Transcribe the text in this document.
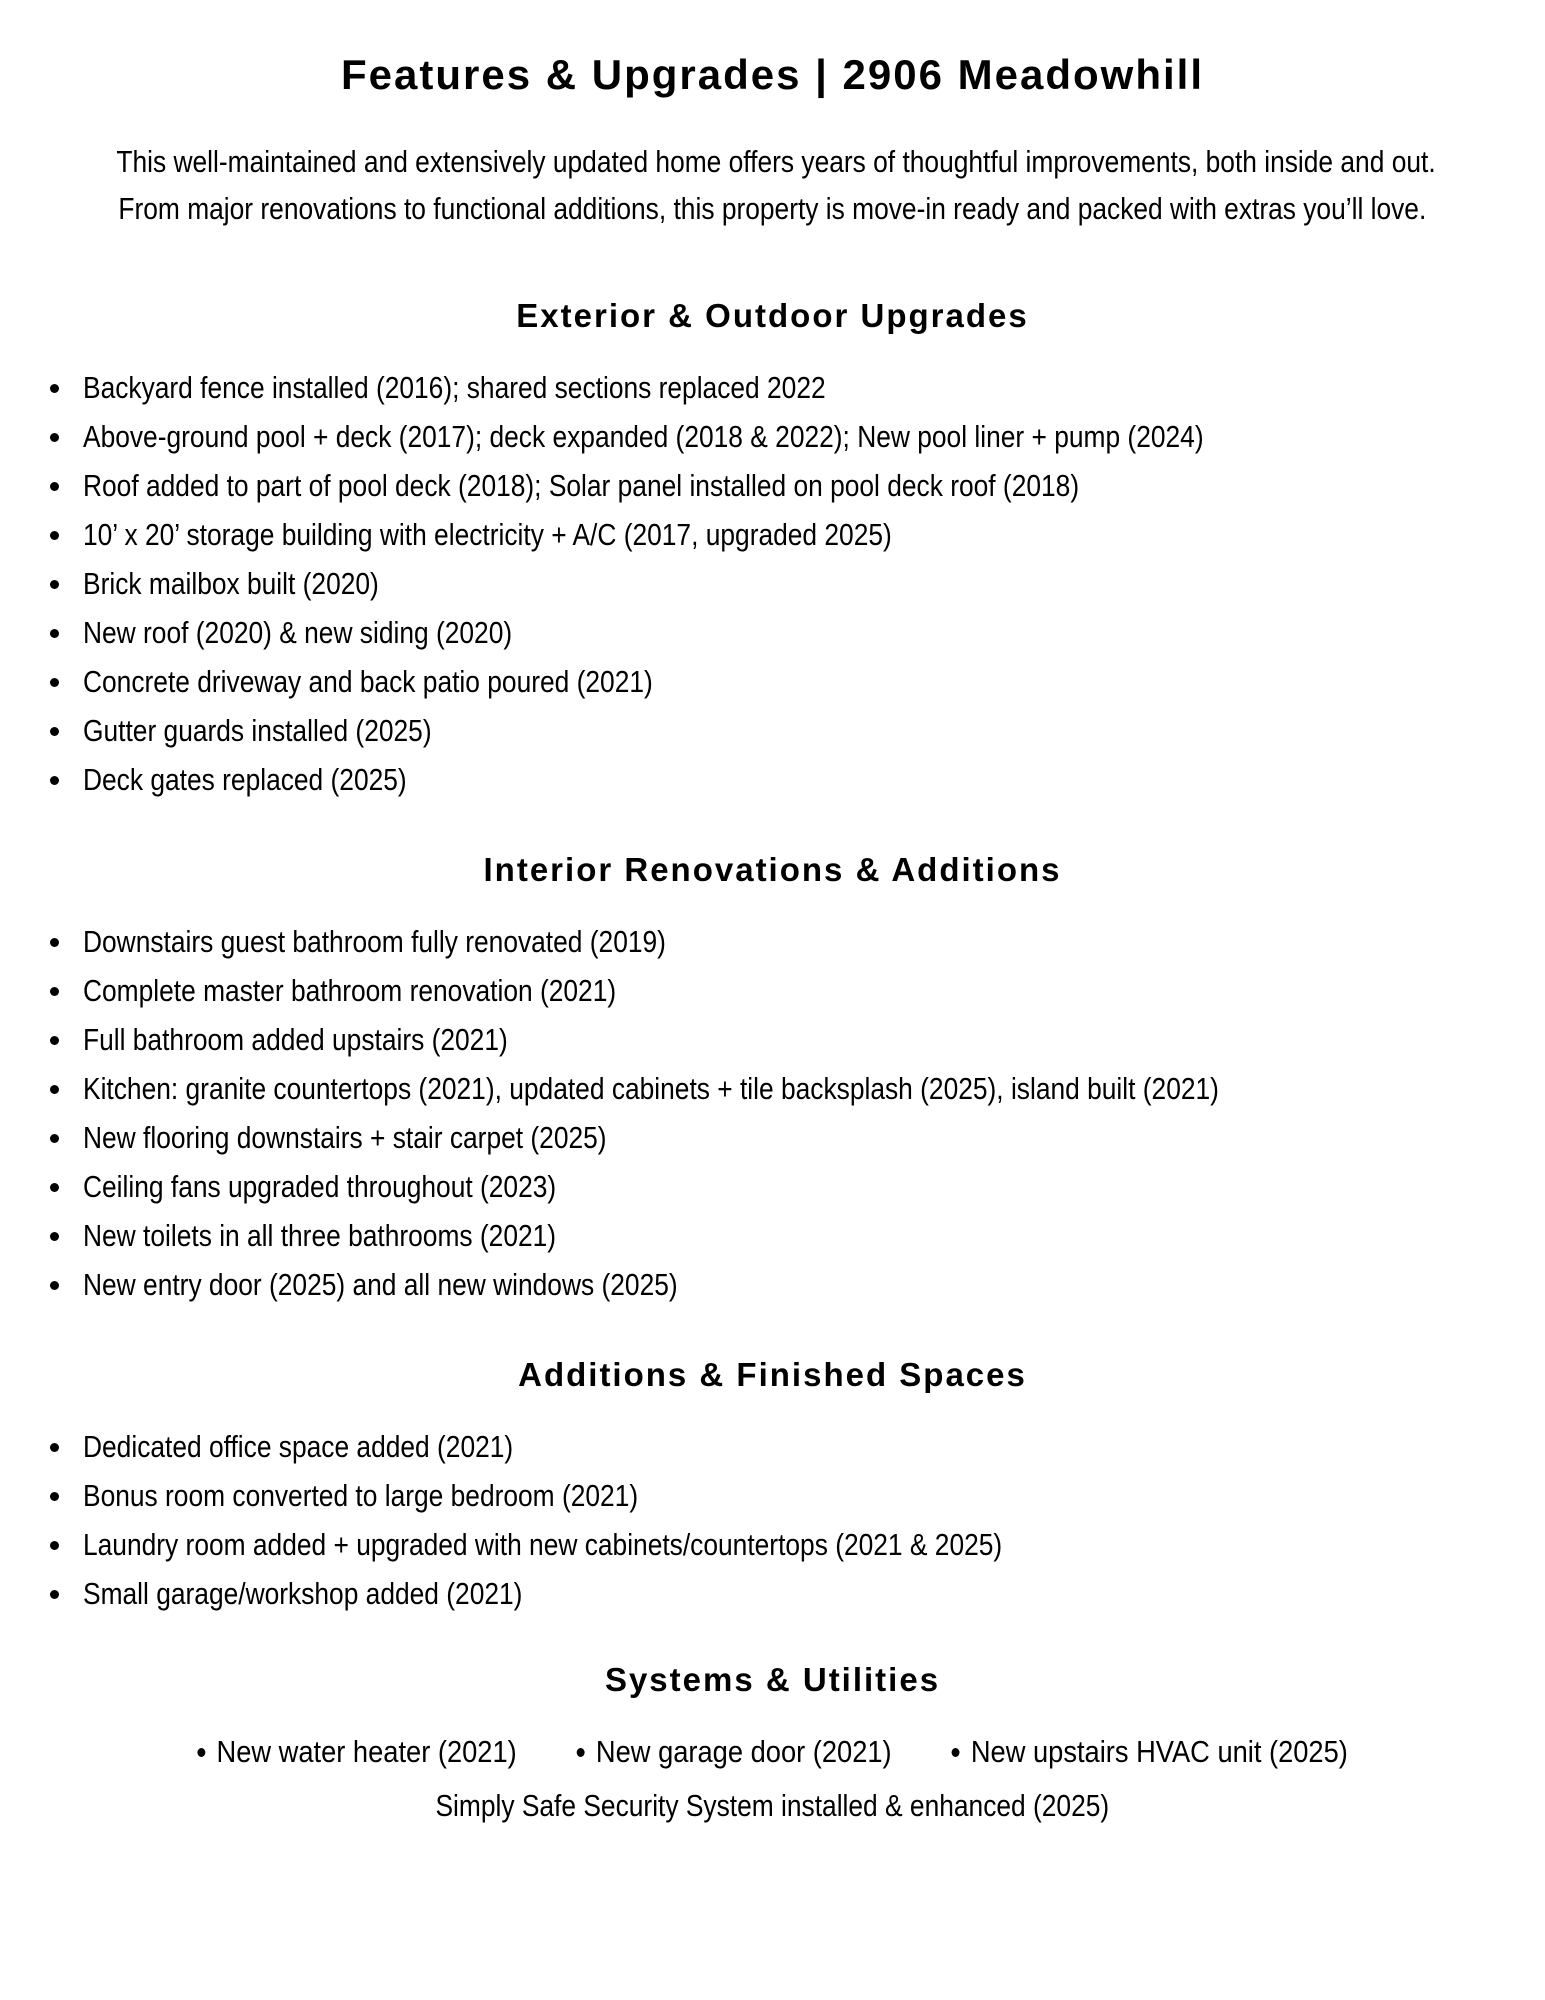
Features & Upgrades | 2906 Meadowhill
This well-maintained and extensively updated home offers years of thoughtful improvements, both inside and out.
From major renovations to functional additions, this property is move-in ready and packed with extras you’ll love.
Exterior & Outdoor Upgrades
Backyard fence installed (2016); shared sections replaced 2022
Above-ground pool + deck (2017); deck expanded (2018 & 2022); New pool liner + pump (2024)
Roof added to part of pool deck (2018); Solar panel installed on pool deck roof (2018)
10’ x 20’ storage building with electricity + A/C (2017, upgraded 2025)
Brick mailbox built (2020)
New roof (2020) & new siding (2020)
Concrete driveway and back patio poured (2021)
Gutter guards installed (2025)
Deck gates replaced (2025)
Interior Renovations & Additions
Downstairs guest bathroom fully renovated (2019)
Complete master bathroom renovation (2021)
Full bathroom added upstairs (2021)
Kitchen: granite countertops (2021), updated cabinets + tile backsplash (2025), island built (2021)
New flooring downstairs + stair carpet (2025)
Ceiling fans upgraded throughout (2023)
New toilets in all three bathrooms (2021)
New entry door (2025) and all new windows (2025)
Additions & Finished Spaces
Dedicated office space added (2021)
Bonus room converted to large bedroom (2021)
Laundry room added + upgraded with new cabinets/countertops (2021 & 2025)
Small garage/workshop added (2021)
Systems & Utilities
New water heater (2021)	New garage door (2021)	New upstairs HVAC unit (2025)
Simply Safe Security System installed & enhanced (2025)
